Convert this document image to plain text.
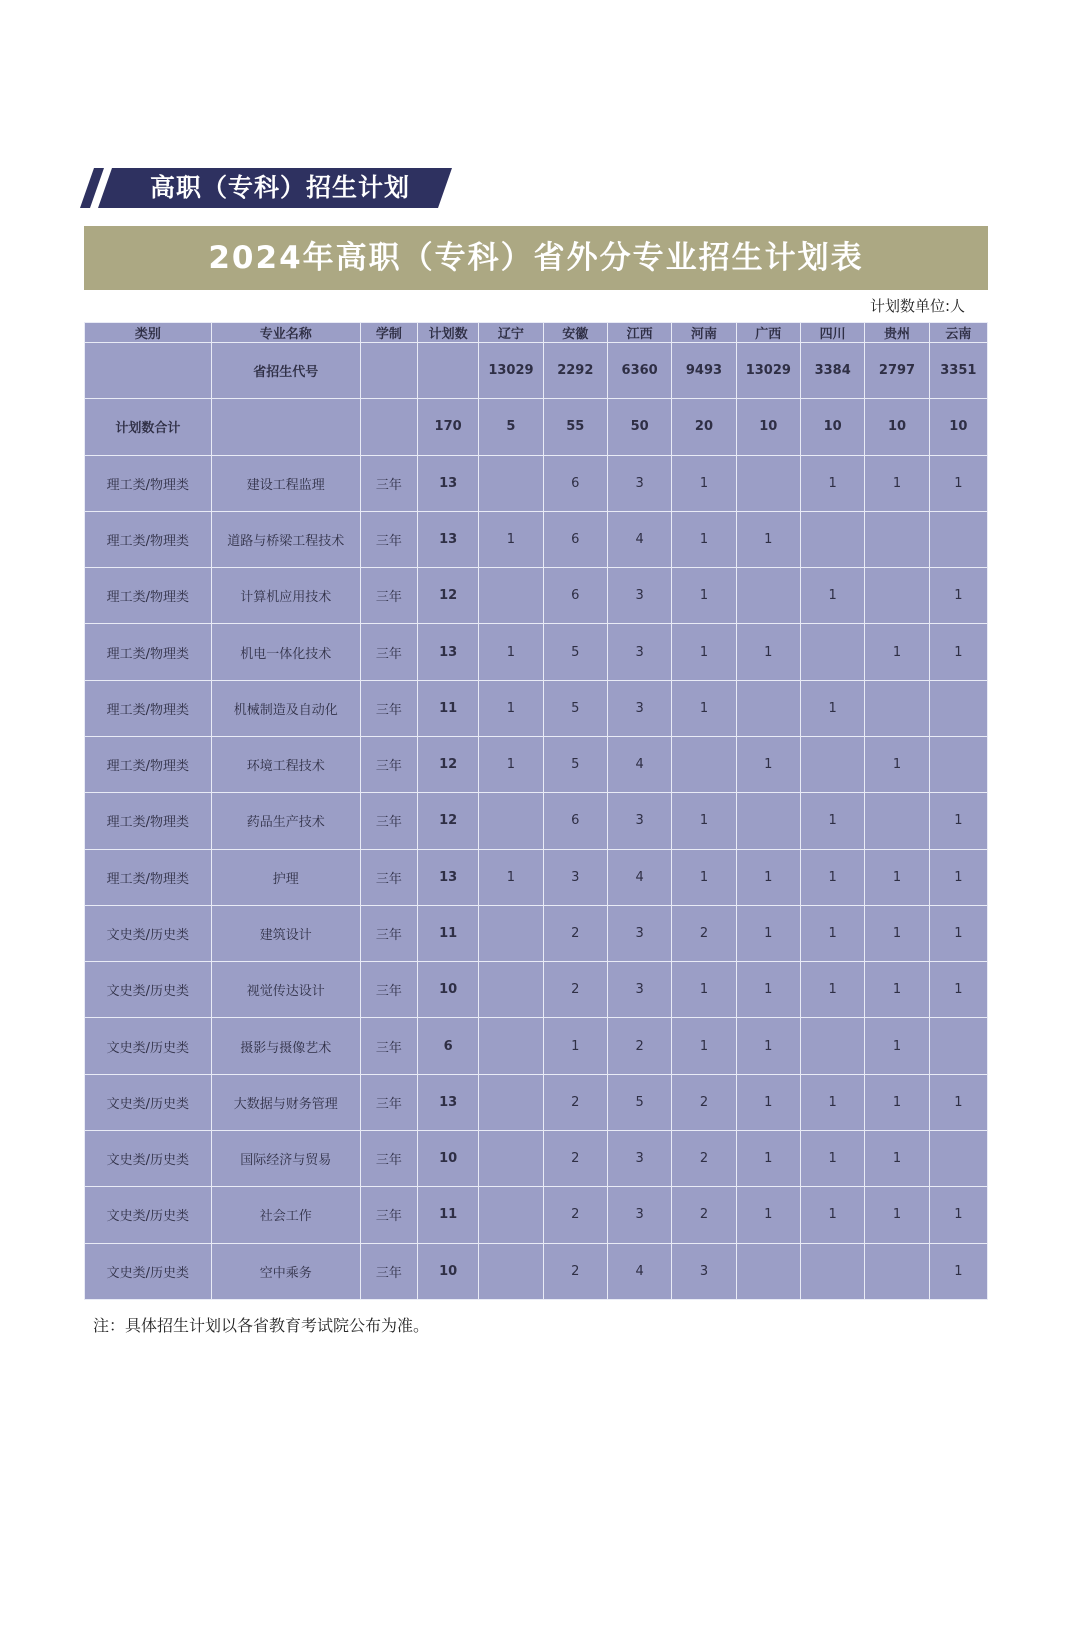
高职（专科）招生计划
2024年高职（专科）省外分专业招生计划表
计划数单位:人
类别	专业名称	学制	计划数	辽宁	安徽	江西	河南	广西	四川	贵州	云南
	省招生代号			13029	2292	6360	9493	13029	3384	2797	3351
计划数合计			170	5	55	50	20	10	10	10	10
理工类/物理类	建设工程监理	三年	13		6	3	1		1	1	1
理工类/物理类	道路与桥梁工程技术	三年	13	1	6	4	1	1			
理工类/物理类	计算机应用技术	三年	12		6	3	1		1		1
理工类/物理类	机电一体化技术	三年	13	1	5	3	1	1		1	1
理工类/物理类	机械制造及自动化	三年	11	1	5	3	1		1		
理工类/物理类	环境工程技术	三年	12	1	5	4		1		1	
理工类/物理类	药品生产技术	三年	12		6	3	1		1		1
理工类/物理类	护理	三年	13	1	3	4	1	1	1	1	1
文史类/历史类	建筑设计	三年	11		2	3	2	1	1	1	1
文史类/历史类	视觉传达设计	三年	10		2	3	1	1	1	1	1
文史类/历史类	摄影与摄像艺术	三年	6		1	2	1	1		1	
文史类/历史类	大数据与财务管理	三年	13		2	5	2	1	1	1	1
文史类/历史类	国际经济与贸易	三年	10		2	3	2	1	1	1	
文史类/历史类	社会工作	三年	11		2	3	2	1	1	1	1
文史类/历史类	空中乘务	三年	10		2	4	3				1
注：具体招生计划以各省教育考试院公布为准。
